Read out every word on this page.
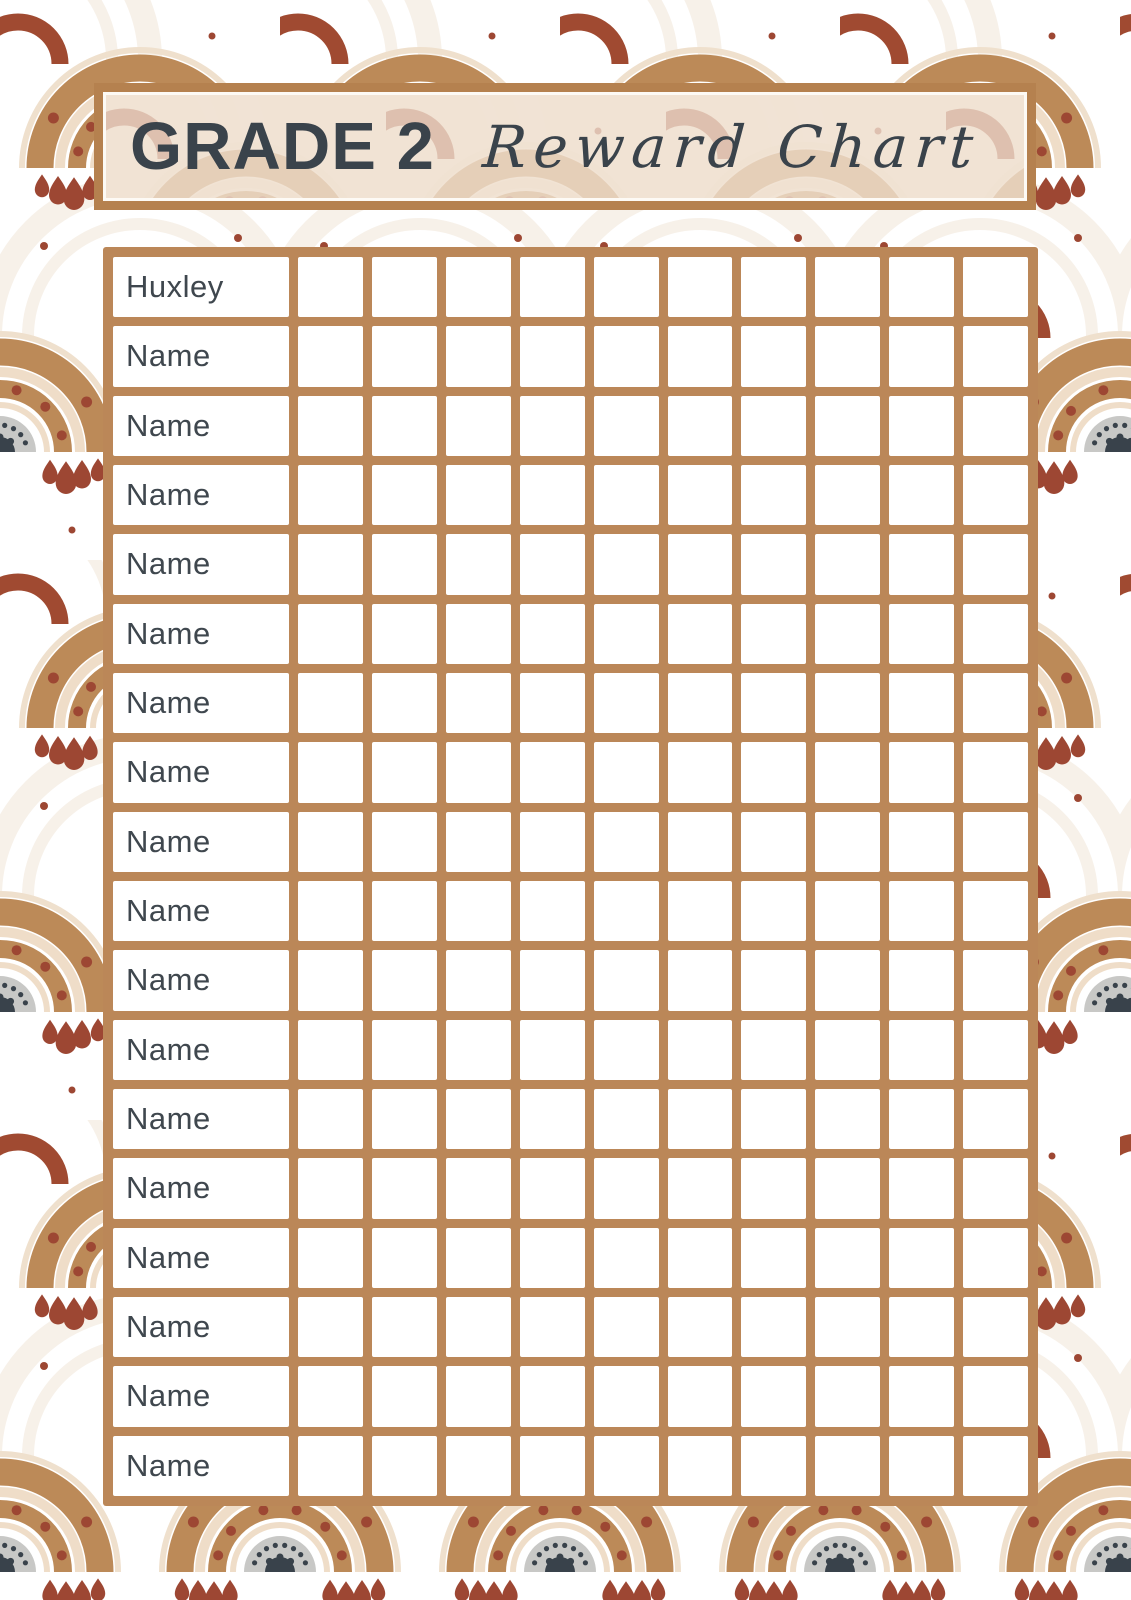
GRADE 2 Reward Chart
Huxley
Name
Name
Name
Name
Name
Name
Name
Name
Name
Name
Name
Name
Name
Name
Name
Name
Name
